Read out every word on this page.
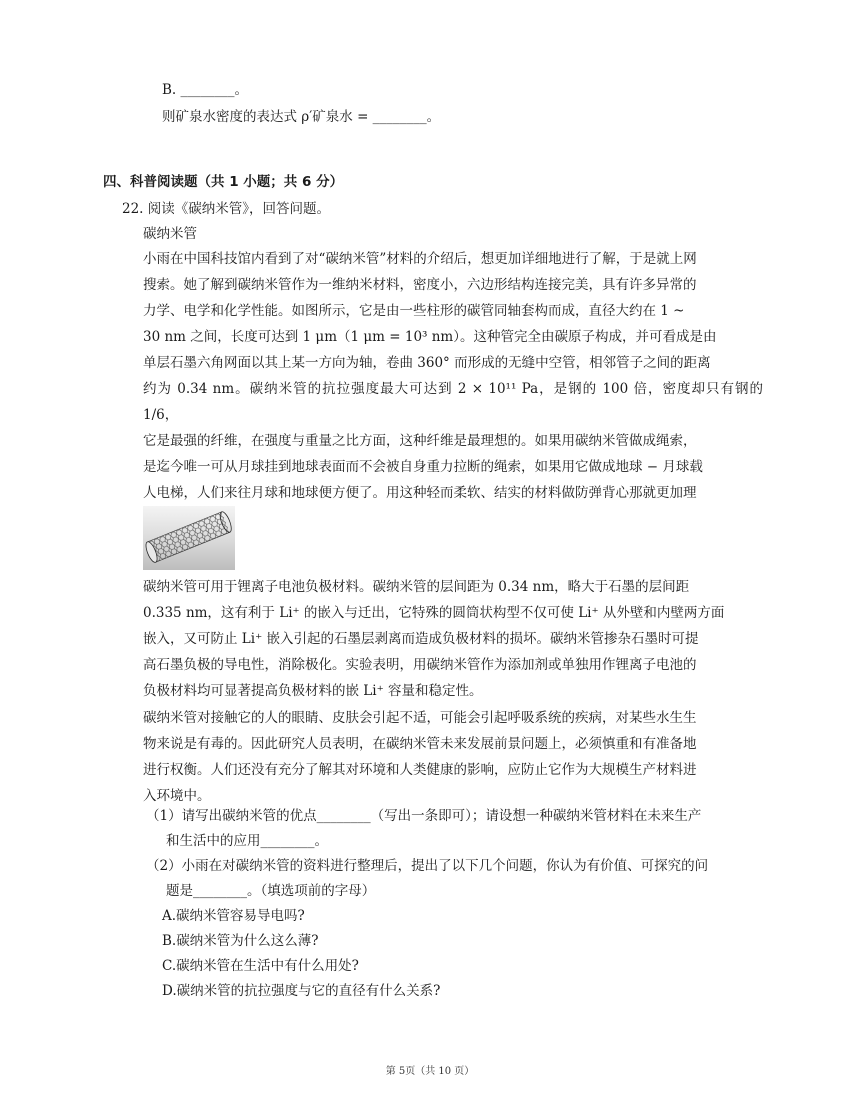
B. ________。
则矿泉水密度的表达式 ρ′矿泉水 = ________。
四、科普阅读题（共 1 小题；共 6 分）
22. 阅读《碳纳米管》，回答问题。
碳纳米管
小雨在中国科技馆内看到了对“碳纳米管”材料的介绍后，想更加详细地进行了解，于是就上网
搜索。她了解到碳纳米管作为一维纳米材料，密度小，六边形结构连接完美，具有许多异常的
力学、电学和化学性能。如图所示，它是由一些柱形的碳管同轴套构而成，直径大约在 1 ~
30 nm 之间，长度可达到 1 μm（1 μm = 10³ nm）。这种管完全由碳原子构成，并可看成是由
单层石墨六角网面以其上某一方向为轴，卷曲 360° 而形成的无缝中空管，相邻管子之间的距离
约为 0.34 nm。碳纳米管的抗拉强度最大可达到 2 × 10¹¹ Pa，是钢的 100 倍，密度却只有钢的 1/6，
它是最强的纤维，在强度与重量之比方面，这种纤维是最理想的。如果用碳纳米管做成绳索，
是迄今唯一可从月球挂到地球表面而不会被自身重力拉断的绳索，如果用它做成地球 − 月球载
人电梯，人们来往月球和地球便方便了。用这种轻而柔软、结实的材料做防弹背心那就更加理
碳纳米管可用于锂离子电池负极材料。碳纳米管的层间距为 0.34 nm，略大于石墨的层间距
0.335 nm，这有利于 Li⁺ 的嵌入与迁出，它特殊的圆筒状构型不仅可使 Li⁺ 从外壁和内壁两方面
嵌入，又可防止 Li⁺ 嵌入引起的石墨层剥离而造成负极材料的损坏。碳纳米管掺杂石墨时可提
高石墨负极的导电性，消除极化。实验表明，用碳纳米管作为添加剂或单独用作锂离子电池的
负极材料均可显著提高负极材料的嵌 Li⁺ 容量和稳定性。
碳纳米管对接触它的人的眼睛、皮肤会引起不适，可能会引起呼吸系统的疾病，对某些水生生
物来说是有毒的。因此研究人员表明，在碳纳米管未来发展前景问题上，必须慎重和有准备地
进行权衡。人们还没有充分了解其对环境和人类健康的影响，应防止它作为大规模生产材料进
入环境中。
（1）请写出碳纳米管的优点________（写出一条即可）；请设想一种碳纳米管材料在未来生产
和生活中的应用________。
（2）小雨在对碳纳米管的资料进行整理后，提出了以下几个问题，你认为有价值、可探究的问
题是________。（填选项前的字母）
A.碳纳米管容易导电吗?
B.碳纳米管为什么这么薄?
C.碳纳米管在生活中有什么用处?
D.碳纳米管的抗拉强度与它的直径有什么关系?
第 5页（共 10 页）
